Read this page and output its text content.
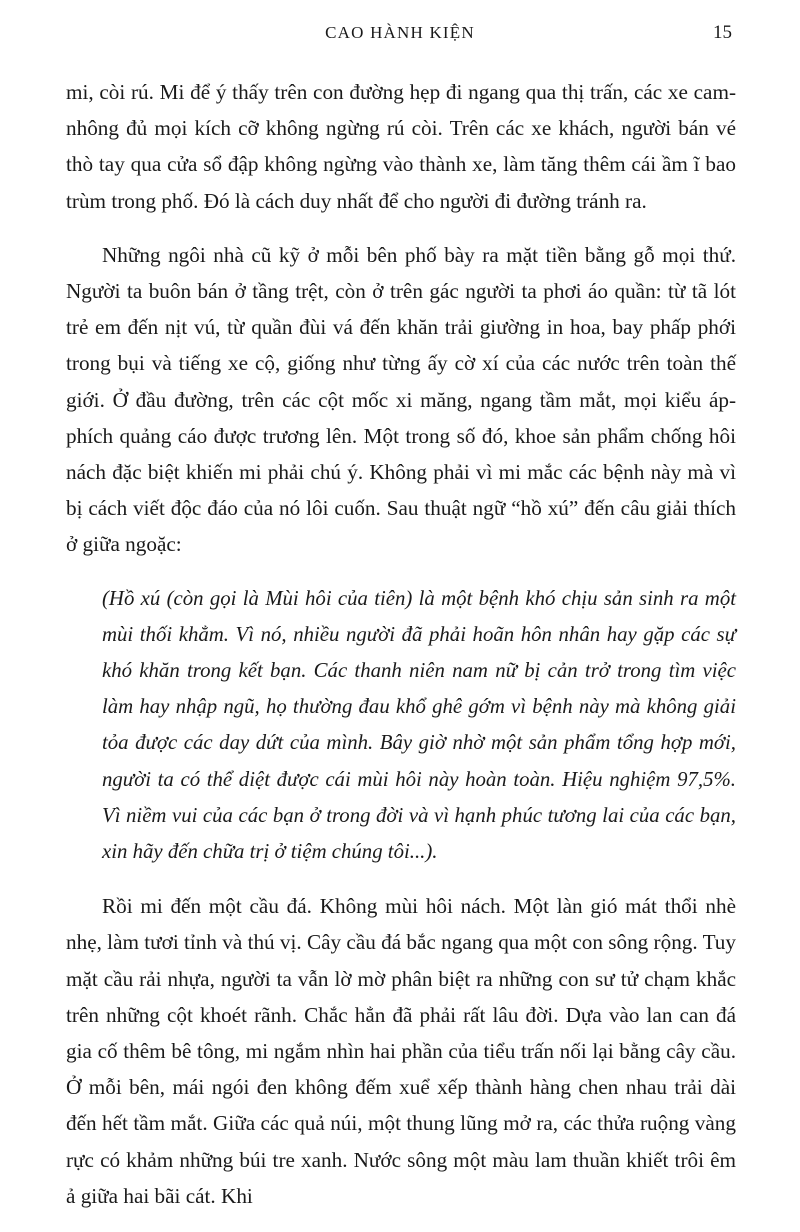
CAO HÀNH KIỆN	15

mi, còi rú. Mi để ý thấy trên con đường hẹp đi ngang qua thị trấn, các xe cam-nhông đủ mọi kích cỡ không ngừng rú còi. Trên các xe khách, người bán vé thò tay qua cửa sổ đập không ngừng vào thành xe, làm tăng thêm cái ầm ĩ bao trùm trong phố. Đó là cách duy nhất để cho người đi đường tránh ra.

Những ngôi nhà cũ kỹ ở mỗi bên phố bày ra mặt tiền bằng gỗ mọi thứ. Người ta buôn bán ở tầng trệt, còn ở trên gác người ta phơi áo quần: từ tã lót trẻ em đến nịt vú, từ quần đùi vá đến khăn trải giường in hoa, bay phấp phới trong bụi và tiếng xe cộ, giống như từng ấy cờ xí của các nước trên toàn thế giới. Ở đầu đường, trên các cột mốc xi măng, ngang tầm mắt, mọi kiểu áp-phích quảng cáo được trương lên. Một trong số đó, khoe sản phẩm chống hôi nách đặc biệt khiến mi phải chú ý. Không phải vì mi mắc các bệnh này mà vì bị cách viết độc đáo của nó lôi cuốn. Sau thuật ngữ “hồ xú” đến câu giải thích ở giữa ngoặc:

(Hồ xú (còn gọi là Mùi hôi của tiên) là một bệnh khó chịu sản sinh ra một mùi thối khẳm. Vì nó, nhiều người đã phải hoãn hôn nhân hay gặp các sự khó khăn trong kết bạn. Các thanh niên nam nữ bị cản trở trong tìm việc làm hay nhập ngũ, họ thường đau khổ ghê gớm vì bệnh này mà không giải tỏa được các day dứt của mình. Bây giờ nhờ một sản phẩm tổng hợp mới, người ta có thể diệt được cái mùi hôi này hoàn toàn. Hiệu nghiệm 97,5%. Vì niềm vui của các bạn ở trong đời và vì hạnh phúc tương lai của các bạn, xin hãy đến chữa trị ở tiệm chúng tôi...).

Rồi mi đến một cầu đá. Không mùi hôi nách. Một làn gió mát thổi nhè nhẹ, làm tươi tỉnh và thú vị. Cây cầu đá bắc ngang qua một con sông rộng. Tuy mặt cầu rải nhựa, người ta vẫn lờ mờ phân biệt ra những con sư tử chạm khắc trên những cột khoét rãnh. Chắc hẳn đã phải rất lâu đời. Dựa vào lan can đá gia cố thêm bê tông, mi ngắm nhìn hai phần của tiểu trấn nối lại bằng cây cầu. Ở mỗi bên, mái ngói đen không đếm xuể xếp thành hàng chen nhau trải dài đến hết tầm mắt. Giữa các quả núi, một thung lũng mở ra, các thửa ruộng vàng rực có khảm những búi tre xanh. Nước sông một màu lam thuần khiết trôi êm ả giữa hai bãi cát. Khi
